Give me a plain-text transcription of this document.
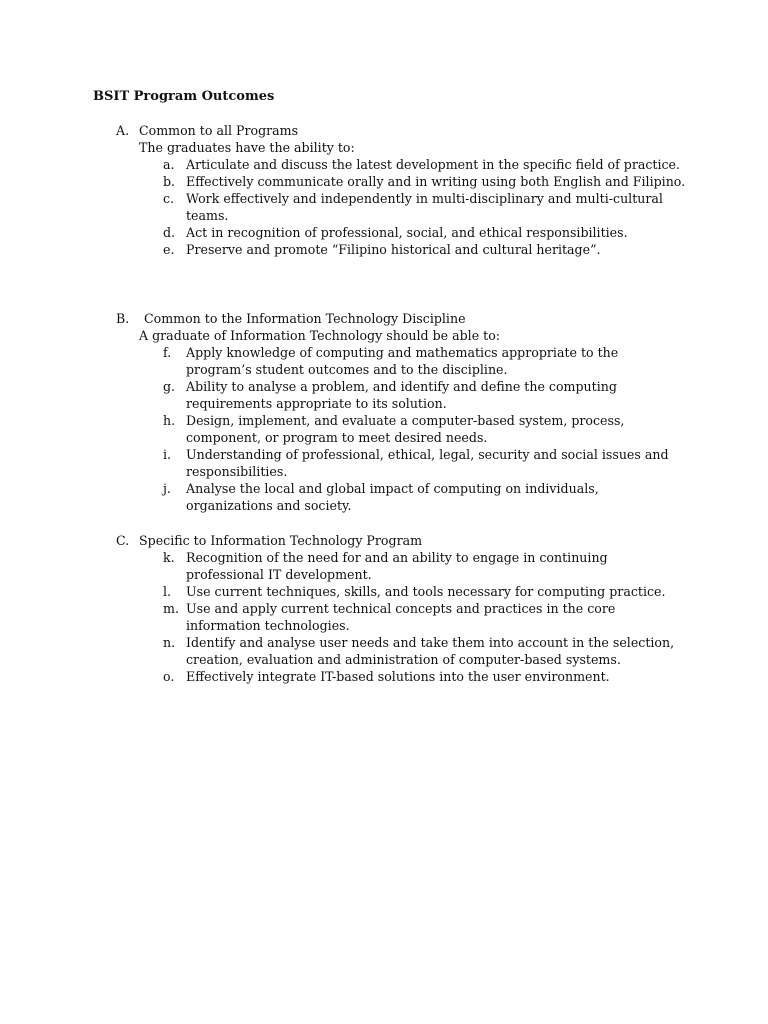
BSIT Program Outcomes
A. Common to all Programs
The graduates have the ability to:
a. Articulate and discuss the latest development in the specific field of practice.
b. Effectively communicate orally and in writing using both English and Filipino.
c. Work effectively and independently in multi-disciplinary and multi-cultural teams.
d. Act in recognition of professional, social, and ethical responsibilities.
e. Preserve and promote “Filipino historical and cultural heritage”.
B. Common to the Information Technology Discipline
A graduate of Information Technology should be able to:
f. Apply knowledge of computing and mathematics appropriate to the program’s student outcomes and to the discipline.
g. Ability to analyse a problem, and identify and define the computing requirements appropriate to its solution.
h. Design, implement, and evaluate a computer-based system, process, component, or program to meet desired needs.
i. Understanding of professional, ethical, legal, security and social issues and responsibilities.
j. Analyse the local and global impact of computing on individuals, organizations and society.
C. Specific to Information Technology Program
k. Recognition of the need for and an ability to engage in continuing professional IT development.
l. Use current techniques, skills, and tools necessary for computing practice.
m. Use and apply current technical concepts and practices in the core information technologies.
n. Identify and analyse user needs and take them into account in the selection, creation, evaluation and administration of computer-based systems.
o. Effectively integrate IT-based solutions into the user environment.
